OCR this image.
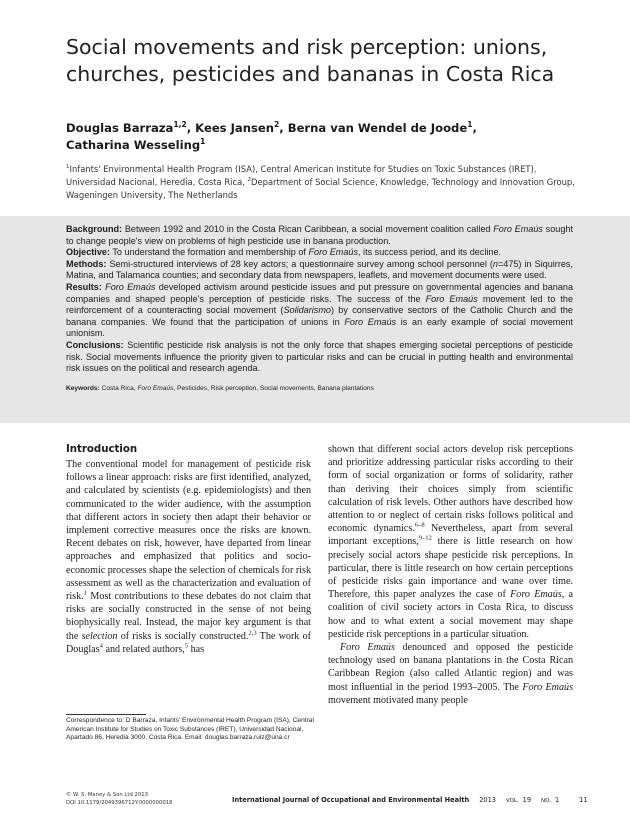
Social movements and risk perception: unions, churches, pesticides and bananas in Costa Rica
Douglas Barraza$^{1,2}$, Kees Jansen$^2$, Berna van Wendel de Joode$^1$,
Catharina Wesseling$^1$
$^1$Infants' Environmental Health Program (ISA), Central American Institute for Studies on Toxic Substances (IRET), Universidad Nacional, Heredia, Costa Rica, $^2$Department of Social Science, Knowledge, Technology and Innovation Group, Wageningen University, The Netherlands

Background: Between 1992 and 2010 in the Costa Rican Caribbean, a social movement coalition called Foro Emaús sought to change people's view on problems of high pesticide use in banana production.

Objective: To understand the formation and membership of Foro Emaús, its success period, and its decline.

Methods: Semi-structured interviews of 28 key actors; a questionnaire survey among school personnel (n=475) in Siquirres, Matina, and Talamanca counties; and secondary data from newspapers, leaflets, and movement documents were used.

Results: Foro Emaús developed activism around pesticide issues and put pressure on governmental agencies and banana companies and shaped people's perception of pesticide risks. The success of the Foro Emaús movement led to the reinforcement of a counteracting social movement (Solidarismo) by conservative sectors of the Catholic Church and the banana companies. We found that the participation of unions in Foro Emaús is an early example of social movement unionism.

Conclusions: Scientific pesticide risk analysis is not the only force that shapes emerging societal perceptions of pesticide risk. Social movements influence the priority given to particular risks and can be crucial in putting health and environmental risk issues on the political and research agenda.

Keywords: Costa Rica, Foro Emaús, Pesticides, Risk perception, Social movements, Banana plantations

Introduction

The conventional model for management of pesticide risk follows a linear approach: risks are first identified, analyzed, and calculated by scientists (e.g. epidemiologists) and then communicated to the wider audience, with the assumption that different actors in society then adapt their behavior or implement corrective measures once the risks are known. Recent debates on risk, however, have departed from linear approaches and emphasized that politics and socio-economic processes shape the selection of chemicals for risk assessment as well as the characterization and evaluation of risk.$^1$ Most contributions to these debates do not claim that risks are socially constructed in the sense of not being biophysically real. Instead, the major key argument is that the selection of risks is socially constructed.$^{2,3}$ The work of Douglas$^4$ and related authors,$^5$ has

shown that different social actors develop risk perceptions and prioritize addressing particular risks according to their form of social organization or forms of solidarity, rather than deriving their choices simply from scientific calculation of risk levels. Other authors have described how attention to or neglect of certain risks follows political and economic dynamics.$^{6-8}$ Nevertheless, apart from several important exceptions,$^{9-12}$ there is little research on how precisely social actors shape pesticide risk perceptions. In particular, there is little research on how certain perceptions of pesticide risks gain importance and wane over time. Therefore, this paper analyzes the case of Foro Emaús, a coalition of civil society actors in Costa Rica, to discuss how and to what extent a social movement may shape pesticide risk perceptions in a particular situation.

Foro Emaús denounced and opposed the pesticide technology used on banana plantations in the Costa Rican Caribbean Region (also called Atlantic region) and was most influential in the period 1993–2005. The Foro Emaús movement motivated many people

Correspondence to: D Barraza, Infants' Environmental Health Program (ISA), Central American Institute for Studies on Toxic Substances (IRET), Universidad Nacional, Apartado 86, Heredia 3000, Costa Rica. Email: douglas.barraza.ruiz@una.cr
© W. S. Maney & Son Ltd 2013
DOI 10.1179/2049396712Y.0000000018	International Journal of Occupational and Environmental Health 2013 VOL. 19 NO. 1	11
